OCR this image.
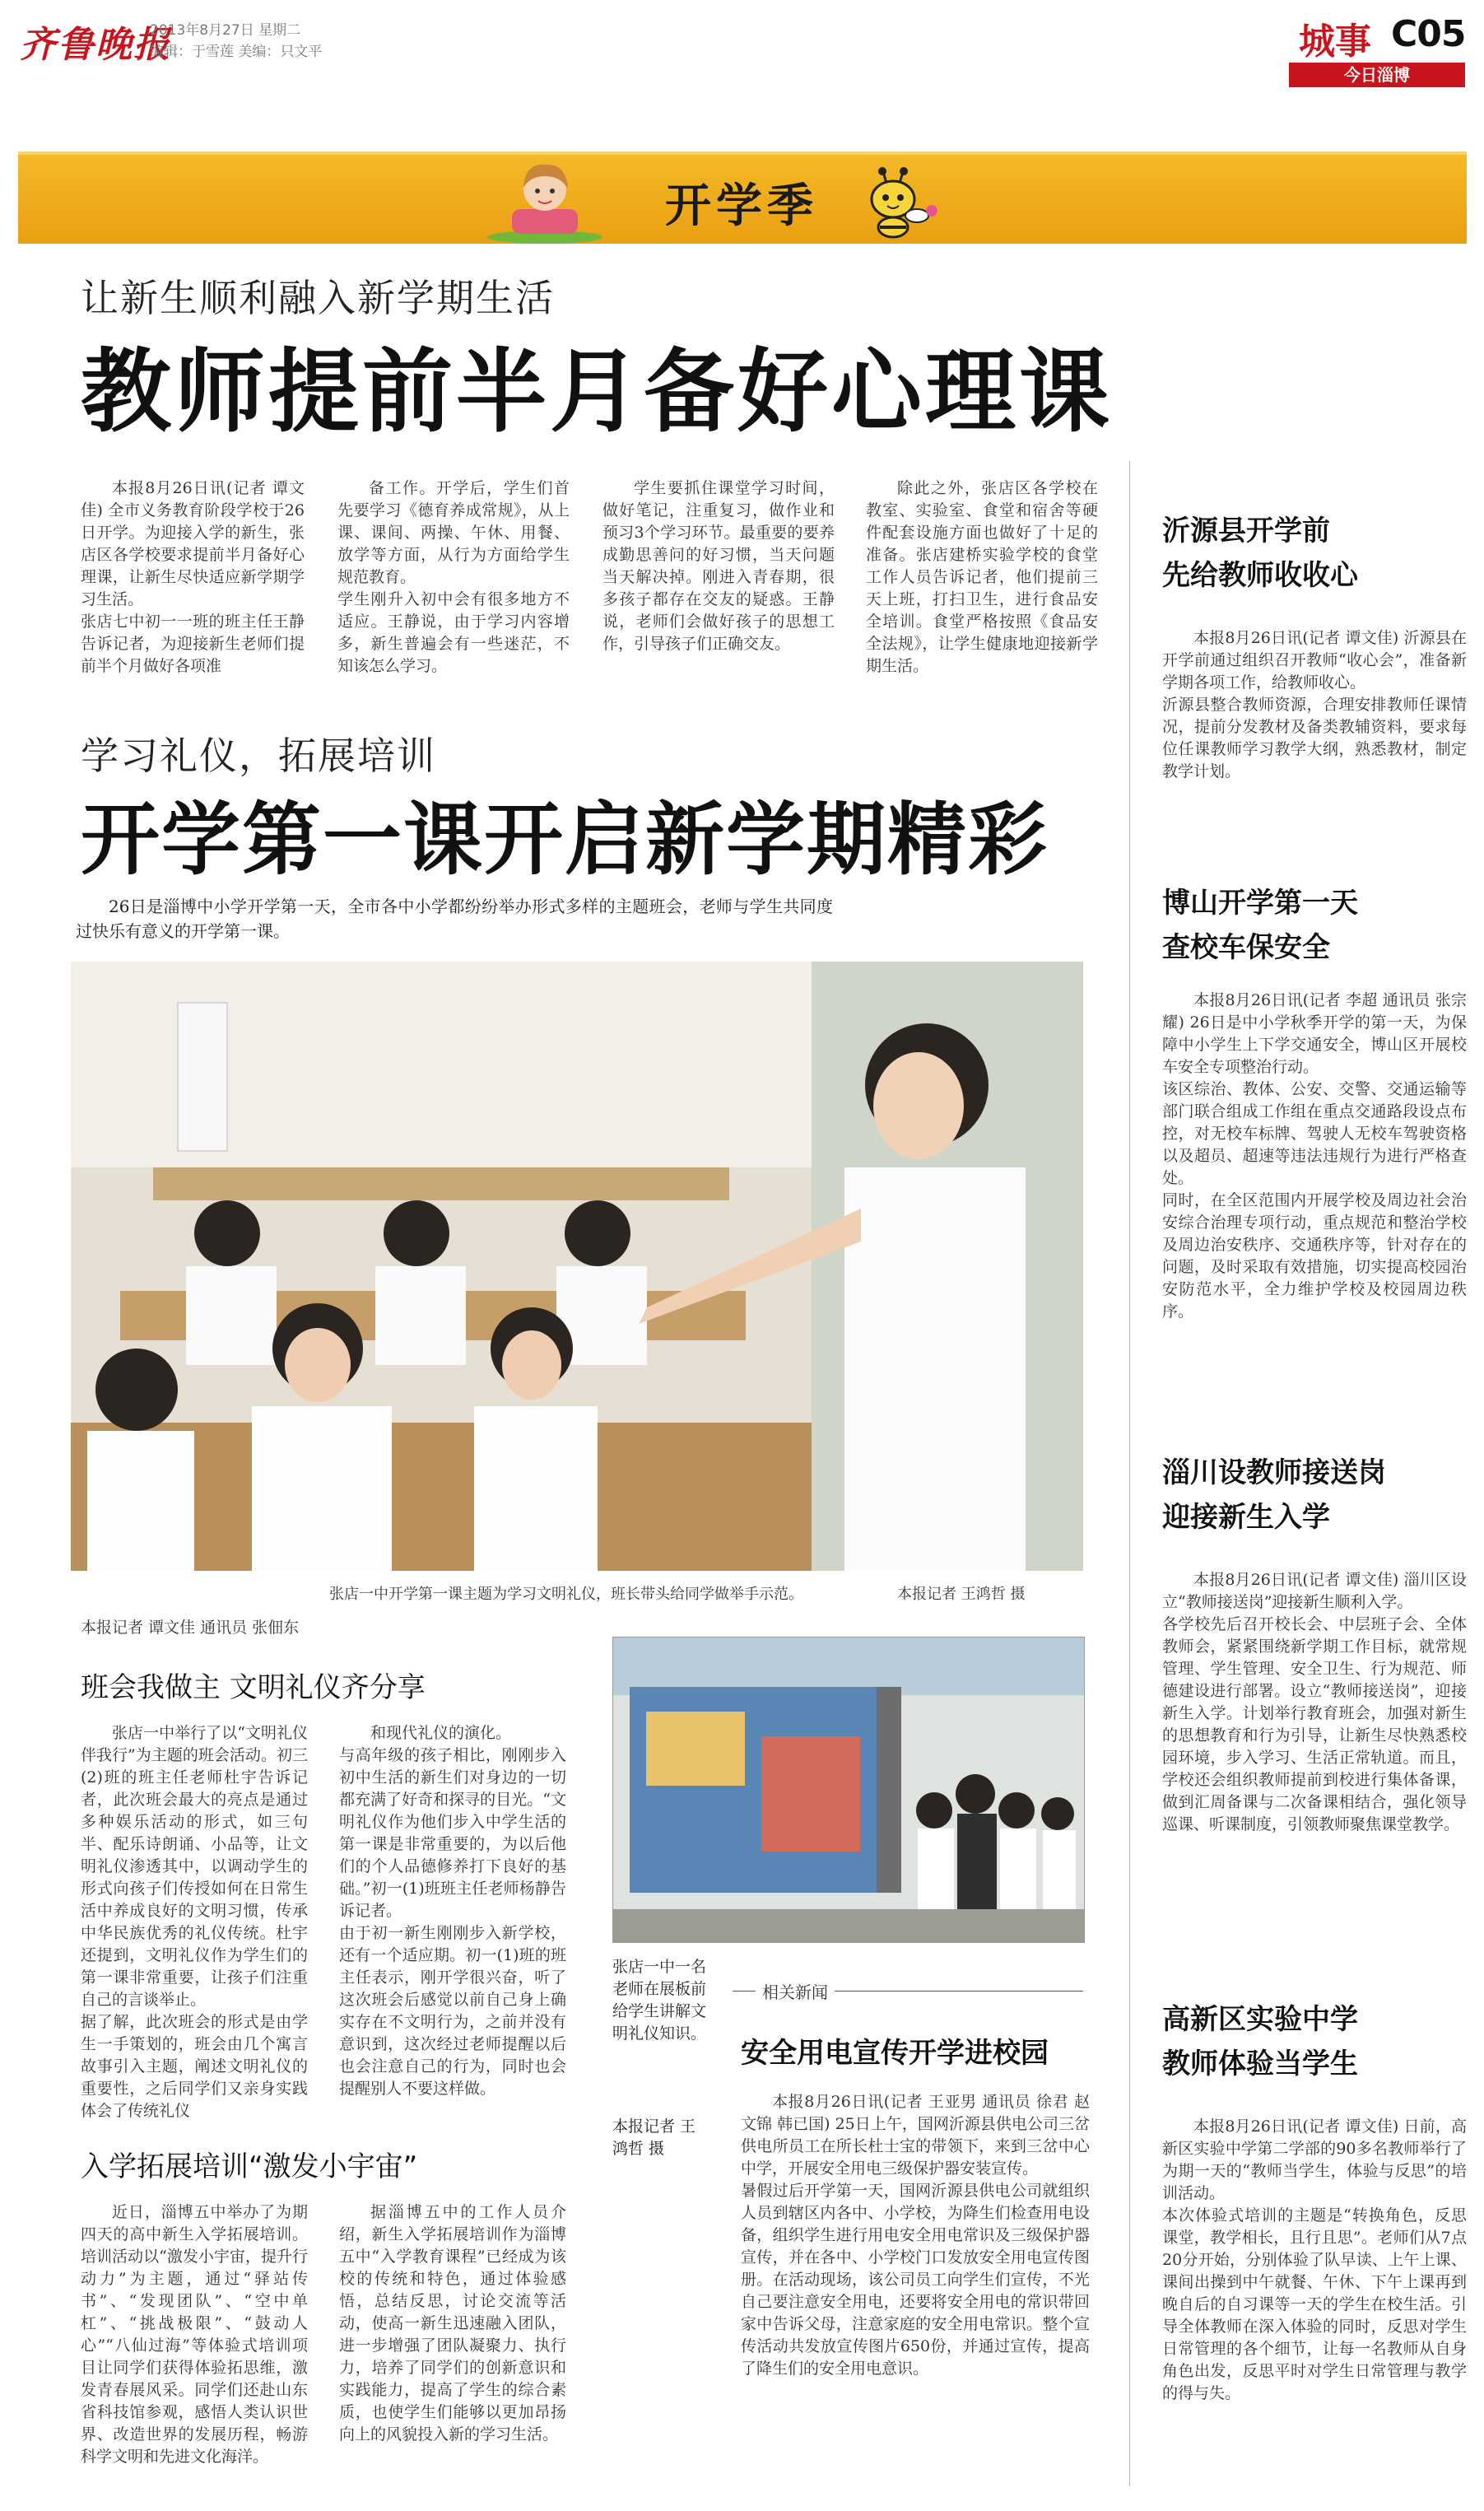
齐鲁晚报
2013年8月27日 星期二
编辑：于雪莲 美编：只文平	城事 C05
今日淄博
开学季
让新生顺利融入新学期生活
教师提前半月备好心理课
本报8月26日讯(记者 谭文佳) 全市义务教育阶段学校于26日开学。为迎接入学的新生，张店区各学校要求提前半月备好心理课，让新生尽快适应新学期学习生活。
张店七中初一一班的班主任王静告诉记者，为迎接新生老师们提前半个月做好各项准
备工作。开学后，学生们首先要学习《德育养成常规》，从上课、课间、两操、午休、用餐、放学等方面，从行为方面给学生规范教育。
学生刚升入初中会有很多地方不适应。王静说，由于学习内容增多，新生普遍会有一些迷茫，不知该怎么学习。
学生要抓住课堂学习时间，做好笔记，注重复习，做作业和预习3个学习环节。最重要的要养成勤思善问的好习惯，当天问题当天解决掉。刚进入青春期，很多孩子都存在交友的疑惑。王静说，老师们会做好孩子的思想工作，引导孩子们正确交友。
除此之外，张店区各学校在教室、实验室、食堂和宿舍等硬件配套设施方面也做好了十足的准备。张店建桥实验学校的食堂工作人员告诉记者，他们提前三天上班，打扫卫生，进行食品安全培训。食堂严格按照《食品安全法规》，让学生健康地迎接新学期生活。
学习礼仪，拓展培训
开学第一课开启新学期精彩
26日是淄博中小学开学第一天，全市各中小学都纷纷举办形式多样的主题班会，老师与学生共同度过快乐有意义的开学第一课。
张店一中开学第一课主题为学习文明礼仪，班长带头给同学做举手示范。	本报记者 王鸿哲 摄
本报记者 谭文佳 通讯员 张佃东
班会我做主 文明礼仪齐分享
张店一中举行了以“文明礼仪伴我行”为主题的班会活动。初三(2)班的班主任老师杜宇告诉记者，此次班会最大的亮点是通过多种娱乐活动的形式，如三句半、配乐诗朗诵、小品等，让文明礼仪渗透其中，以调动学生的形式向孩子们传授如何在日常生活中养成良好的文明习惯，传承中华民族优秀的礼仪传统。杜宇还提到，文明礼仪作为学生们的第一课非常重要，让孩子们注重自己的言谈举止。
据了解，此次班会的形式是由学生一手策划的，班会由几个寓言故事引入主题，阐述文明礼仪的重要性，之后同学们又亲身实践体会了传统礼仪
和现代礼仪的演化。
与高年级的孩子相比，刚刚步入初中生活的新生们对身边的一切都充满了好奇和探寻的目光。“文明礼仪作为他们步入中学生活的第一课是非常重要的，为以后他们的个人品德修养打下良好的基础。”初一(1)班班主任老师杨静告诉记者。
由于初一新生刚刚步入新学校，还有一个适应期。初一(1)班的班主任表示，刚开学很兴奋，听了这次班会后感觉以前自己身上确实存在不文明行为，之前并没有意识到，这次经过老师提醒以后也会注意自己的行为，同时也会提醒别人不要这样做。
入学拓展培训“激发小宇宙”
近日，淄博五中举办了为期四天的高中新生入学拓展培训。培训活动以“激发小宇宙，提升行动力”为主题，通过“驿站传书”、“发现团队”、“空中单杠”、“挑战极限”、“鼓动人心”“八仙过海”等体验式培训项目让同学们获得体验拓思维，激发青春展风采。同学们还赴山东省科技馆参观，感悟人类认识世界、改造世界的发展历程，畅游科学文明和先进文化海洋。
据淄博五中的工作人员介绍，新生入学拓展培训作为淄博五中“入学教育课程”已经成为该校的传统和特色，通过体验感悟，总结反思，讨论交流等活动，使高一新生迅速融入团队，进一步增强了团队凝聚力、执行力，培养了同学们的创新意识和实践能力，提高了学生的综合素质，也使学生们能够以更加昂扬向上的风貌投入新的学习生活。
张店一中一名老师在展板前给学生讲解文明礼仪知识。
本报记者 王鸿哲 摄
相关新闻
安全用电宣传开学进校园
本报8月26日讯(记者 王亚男 通讯员 徐君 赵文锦 韩已国) 25日上午，国网沂源县供电公司三岔供电所员工在所长杜士宝的带领下，来到三岔中心中学，开展安全用电三级保护器安装宣传。
暑假过后开学第一天，国网沂源县供电公司就组织人员到辖区内各中、小学校，为降生们检查用电设备，组织学生进行用电安全用电常识及三级保护器宣传，并在各中、小学校门口发放安全用电宣传图册。在活动现场，该公司员工向学生们宣传，不光自己要注意安全用电，还要将安全用电的常识带回家中告诉父母，注意家庭的安全用电常识。整个宣传活动共发放宣传图片650份，并通过宣传，提高了降生们的安全用电意识。
沂源县开学前
先给教师收收心
本报8月26日讯(记者 谭文佳) 沂源县在开学前通过组织召开教师“收心会”，准备新学期各项工作，给教师收心。
沂源县整合教师资源，合理安排教师任课情况，提前分发教材及备类教辅资料，要求每位任课教师学习教学大纲，熟悉教材，制定教学计划。
博山开学第一天
查校车保安全
本报8月26日讯(记者 李超 通讯员 张宗耀) 26日是中小学秋季开学的第一天，为保障中小学生上下学交通安全，博山区开展校车安全专项整治行动。
该区综治、教体、公安、交警、交通运输等部门联合组成工作组在重点交通路段设点布控，对无校车标牌、驾驶人无校车驾驶资格以及超员、超速等违法违规行为进行严格查处。
同时，在全区范围内开展学校及周边社会治安综合治理专项行动，重点规范和整治学校及周边治安秩序、交通秩序等，针对存在的问题，及时采取有效措施，切实提高校园治安防范水平，全力维护学校及校园周边秩序。
淄川设教师接送岗
迎接新生入学
本报8月26日讯(记者 谭文佳) 淄川区设立“教师接送岗”迎接新生顺利入学。
各学校先后召开校长会、中层班子会、全体教师会，紧紧围绕新学期工作目标，就常规管理、学生管理、安全卫生、行为规范、师德建设进行部署。设立“教师接送岗”，迎接新生入学。计划举行教育班会，加强对新生的思想教育和行为引导，让新生尽快熟悉校园环境，步入学习、生活正常轨道。而且，学校还会组织教师提前到校进行集体备课，做到汇周备课与二次备课相结合，强化领导巡课、听课制度，引领教师聚焦课堂教学。
高新区实验中学
教师体验当学生
本报8月26日讯(记者 谭文佳) 日前，高新区实验中学第二学部的90多名教师举行了为期一天的“教师当学生，体验与反思”的培训活动。
本次体验式培训的主题是“转换角色，反思课堂，教学相长，且行且思”。老师们从7点20分开始，分别体验了队早读、上午上课、课间出操到中午就餐、午休、下午上课再到晚自后的自习课等一天的学生在校生活。引导全体教师在深入体验的同时，反思对学生日常管理的各个细节，让每一名教师从自身角色出发，反思平时对学生日常管理与教学的得与失。
